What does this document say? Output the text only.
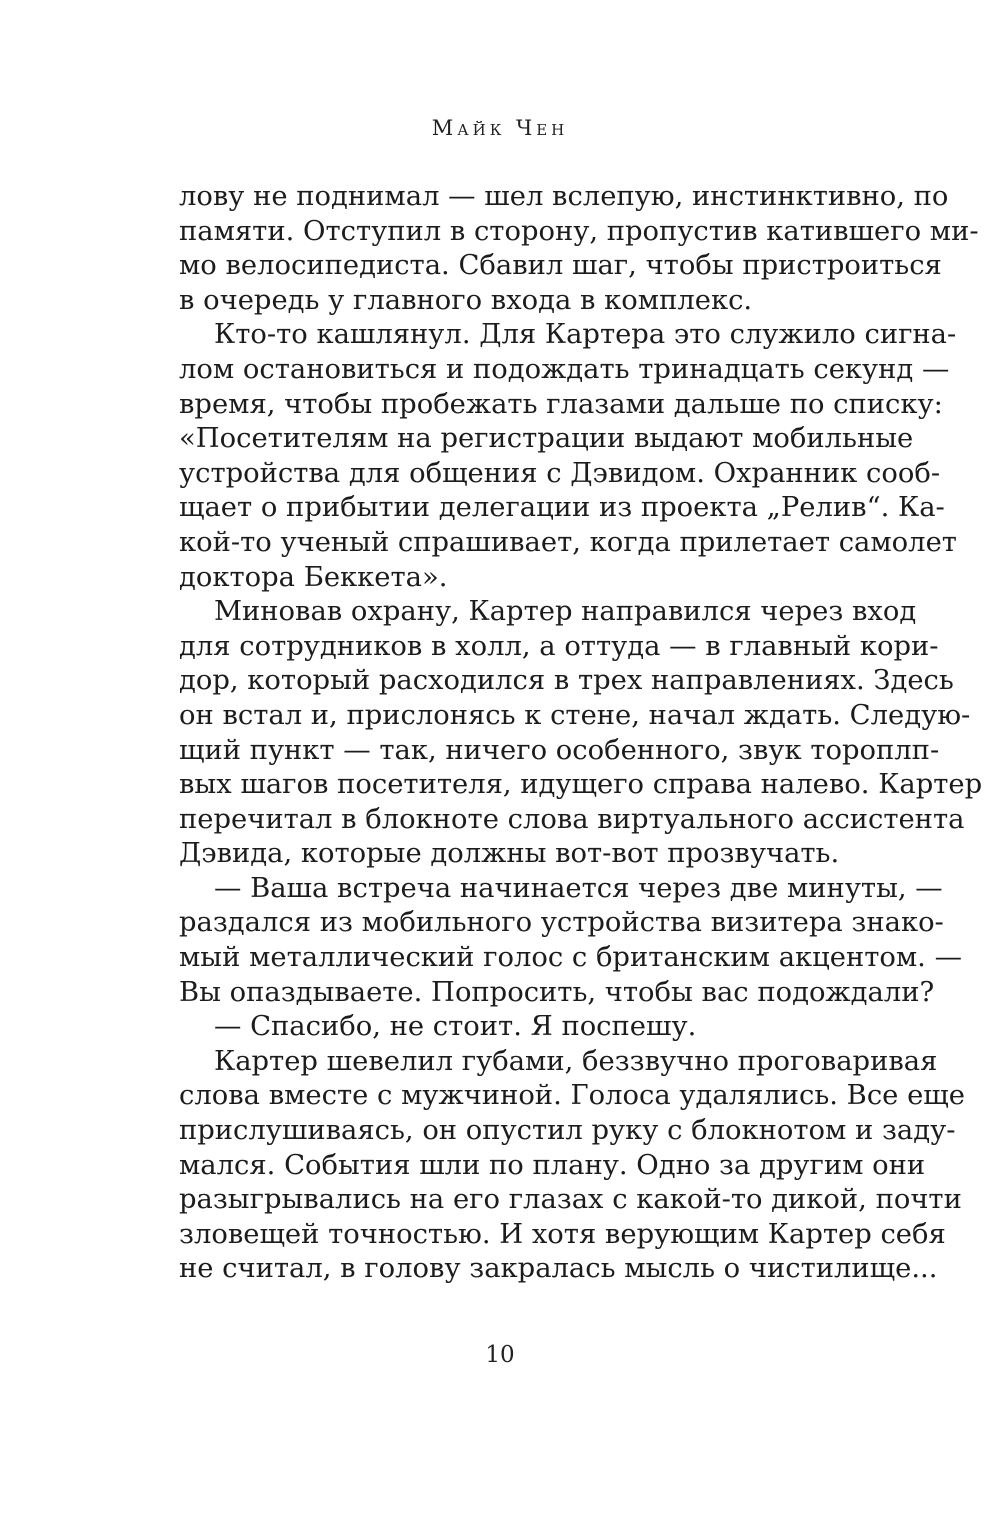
Майк Чен
лову не поднимал — шел вслепую, инстинктивно, по
памяти. Отступил в сторону, пропустив катившего ми-
мо велосипедиста. Сбавил шаг, чтобы пристроиться
в очередь у главного входа в комплекс.
Кто-то кашлянул. Для Картера это служило сигна-
лом остановиться и подождать тринадцать секунд —
время, чтобы пробежать глазами дальше по списку:
«Посетителям на регистрации выдают мобильные
устройства для общения с Дэвидом. Охранник сооб-
щает о прибытии делегации из проекта „Релив“. Ка-
кой-то ученый спрашивает, когда прилетает самолет
доктора Беккета».
Миновав охрану, Картер направился через вход
для сотрудников в холл, а оттуда — в главный кори-
дор, который расходился в трех направлениях. Здесь
он встал и, прислонясь к стене, начал ждать. Следую-
щий пункт — так, ничего особенного, звук тороплп-
вых шагов посетителя, идущего справа налево. Картер
перечитал в блокноте слова виртуального ассистента
Дэвида, которые должны вот-вот прозвучать.
— Ваша встреча начинается через две минуты, —
раздался из мобильного устройства визитера знако-
мый металлический голос с британским акцентом. —
Вы опаздываете. Попросить, чтобы вас подождали?
— Спасибо, не стоит. Я поспешу.
Картер шевелил губами, беззвучно проговаривая
слова вместе с мужчиной. Голоса удалялись. Все еще
прислушиваясь, он опустил руку с блокнотом и заду-
мался. События шли по плану. Одно за другим они
разыгрывались на его глазах с какой-то дикой, почти
зловещей точностью. И хотя верующим Картер себя
не считал, в голову закралась мысль о чистилище...
10
